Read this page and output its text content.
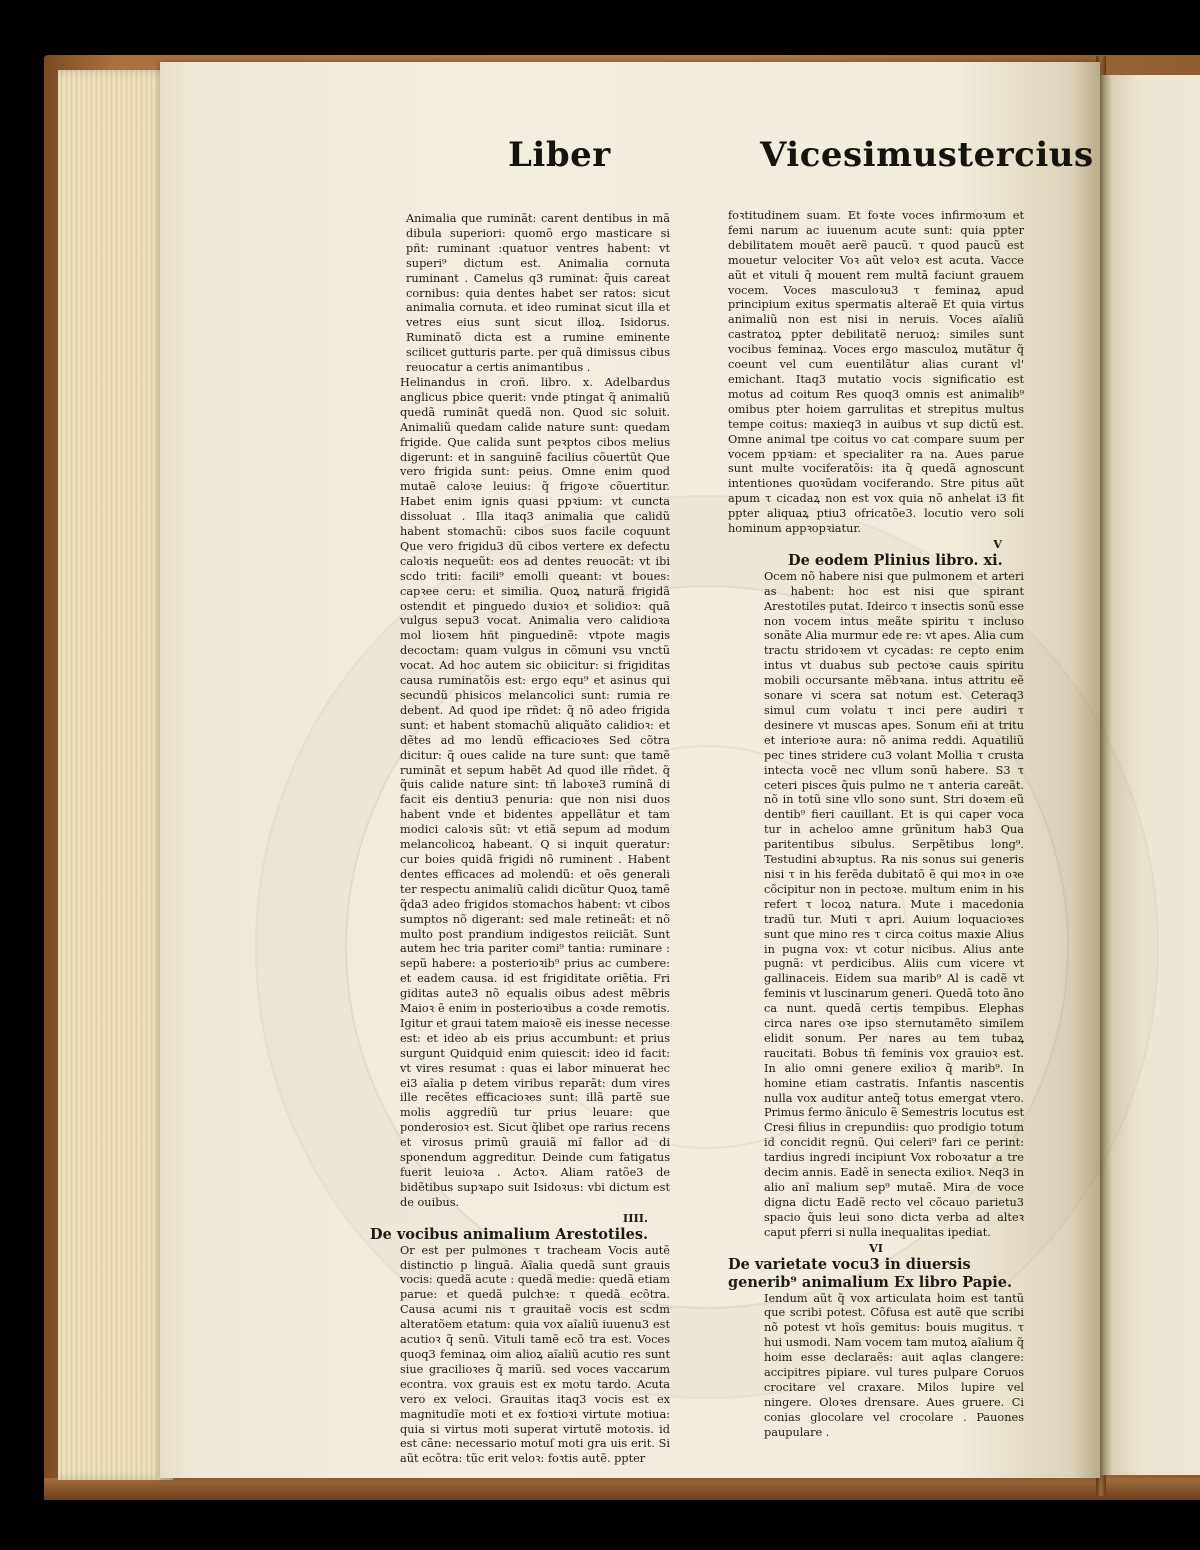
Liber	Vicesimustercius

Animalia que ruminãt: carent dentibus in mã dibula superiori: quomõ ergo masticare si pñt: ruminant :quatuor ventres habent: vt superi⁹ dictum est. Animalia cornuta ruminant . Camelus q3 ruminat: q̃uis careat cornibus: quia dentes habet ser ratos: sicut animalia cornuta. et ideo ruminat sicut illa et vetres eius sunt sicut illoꝝ. Isidorus. Ruminatõ dicta est a rumine eminente scilicet gutturis parte. per quã dimissus cibus reuocatur a certis animantibus .

Helinandus in croñ. libro. x. Adelbardus anglicus pbice querit: vnde ptingat q̃ animaliũ quedã ruminãt quedã non. Quod sic soluit. Animaliũ quedam calide nature sunt: quedam frigide. Que calida sunt peꝛptos cibos melius digerunt: et in sanguinẽ facilius cõuertũt Que vero frigida sunt: peius. Omne enim quod mutaẽ caloꝛe leuius: q̃ frigoꝛe cõuertitur. Habet enim ignis quasi ppꝛium: vt cuncta dissoluat . Illa itaq3 animalia que calidũ habent stomachũ: cibos suos facile coquunt Que vero frigidu3 dũ cibos vertere ex defectu caloꝛis nequeũt: eos ad dentes reuocãt: vt ibi scdo triti: facili⁹ emolli queant: vt boues: capꝛee ceru: et similia. Quoꝝ naturã frigidã ostendit et pinguedo duꝛioꝛ et solidioꝛ: quã vulgus sepu3 vocat. Animalia vero calidioꝛa mol lioꝛem hñt pinguedinẽ: vtpote magis decoctam: quam vulgus in cõmuni vsu vnctũ vocat. Ad hoc autem sic obiicitur: si frigiditas causa ruminatõis est: ergo equ⁹ et asinus qui secundũ phisicos melancolici sunt: rumia re debent. Ad quod ipe rñdet: q̃ nõ adeo frigida sunt: et habent stomachũ aliquãto calidioꝛ: et dẽtes ad mo lendũ efficacioꝛes Sed cõtra dicitur: q̃ oues calide na ture sunt: que tamẽ ruminãt et sepum habẽt Ad quod ille rñdet. q̃ q̃uis calide nature sint: tñ laboꝛe3 ruminã di facit eis dentiu3 penuria: que non nisi duos habent vnde et bidentes appellãtur et tam modici caloꝛis sũt: vt etiã sepum ad modum melancolicoꝝ habeant. Q si inquit queratur: cur boies quidã frigidi nõ ruminent . Habent dentes efficaces ad molendũ: et oẽs generali ter respectu animaliũ calidi dicũtur Quoꝝ tamẽ q̃da3 adeo frigidos stomachos habent: vt cibos sumptos nõ digerant: sed male retineãt: et nõ multo post prandium indigestos reiiciãt. Sunt autem hec tria pariter comi⁹ tantia: ruminare : sepũ habere: a posterioꝛib⁹ prius ac cumbere: et eadem causa. id est frigiditate oriẽtia. Fri giditas aute3 nõ equalis oibus adest mẽbris Maioꝛ ẽ enim in posterioꝛibus a coꝛde remotis. Igitur et graui tatem maioꝛẽ eis inesse necesse est: et ideo ab eis prius accumbunt: et prius surgunt Quidquid enim quiescit: ideo id facit: vt vires resumat : quas ei labor minuerat hec ei3 aĩalia p detem viribus reparãt: dum vires ille recẽtes efficacioꝛes sunt: illã partẽ sue molis aggrediũ tur prius leuare: que ponderosioꝛ est. Sicut q̃libet ope rarius recens et virosus primũ grauiã mĩ fallor ad di sponendum aggreditur. Deinde cum fatigatus fuerit leuioꝛa . Actoꝛ. Aliam ratõe3 de bidẽtibus supꝛapo suit Isidoꝛus: vbi dictum est de ouibus.

IIII.

De vocibus animalium Arestotiles.

Or est per pulmones τ tracheam Vocis autẽ distinctio p linguã. Aĩalia quedã sunt grauis vocis: quedã acute : quedã medie: quedã etiam parue: et quedã pulchꝛe: τ quedã ecõtra. Causa acumi nis τ grauitaẽ vocis est scdm alteratõem etatum: quia vox aĩaliũ iuuenu3 est acutioꝛ q̃ senũ. Vituli tamẽ ecõ tra est. Voces quoq3 feminaꝝ oim alioꝝ aĩaliũ acutio res sunt siue gracilioꝛes q̃ mariũ. sed voces vaccarum econtra. vox grauis est ex motu tardo. Acuta vero ex veloci. Grauitas itaq3 vocis est ex magnitudĩe moti et ex foꝛtioꝛi virtute motiua: quia si virtus moti superat virtutẽ motoꝛis. id est cãne: necessario motuſ moti gra uis erit. Si aũt ecõtra: tũc erit veloꝛ: foꝛtis autẽ. ppter

foꝛtitudinem suam. Et foꝛte voces infirmoꝛum et femi narum ac iuuenum acute sunt: quia ppter debilitatem mouẽt aerẽ paucũ. τ quod paucũ est mouetur velociter Voꝛ aũt veloꝛ est acuta. Vacce aũt et vituli q̃ mouent rem multã faciunt grauem vocem. Voces masculoꝛu3 τ feminaꝝ apud principium exitus spermatis alteraẽ Et quia virtus animaliũ non est nisi in neruis. Voces aĩaliũ castratoꝝ ppter debilitatẽ neruoꝝ: similes sunt vocibus feminaꝝ. Voces ergo masculoꝝ mutãtur q̃ coeunt vel cum euentilãtur alias curant vl' emichant. Itaq3 mutatio vocis significatio est motus ad coitum Res quoq3 omnis est animalib⁹ omibus pter hoiem garrulitas et strepitus multus tempe coitus: maxieq3 in auibus vt sup dictũ est. Omne animal tpe coitus vo cat compare suum per vocem ppꝛiam: et specialiter ra na. Aues parue sunt multe vociferatõis: ita q̃ quedã agnoscunt intentiones quoꝛũdam vociferando. Stre pitus aũt apum τ cicadaꝝ non est vox quia nõ anhelat i3 fit ppter aliquaꝝ ptiu3 ofricatõe3. locutio vero soli hominum appꝛopꝛiatur.

V

De eodem Plinius libro. xi.

Ocem nõ habere nisi que pulmonem et arteri as habent: hoc est nisi que spirant Arestotiles putat. Ideirco τ insectis sonũ esse non vocem intus meãte spiritu τ incluso sonãte Alia murmur ede re: vt apes. Alia cum tractu stridoꝛem vt cycadas: re cepto enim intus vt duabus sub pectoꝛe cauis spiritu mobili occursante mẽbꝛana. intus attritu eẽ sonare vi scera sat notum est. Ceteraq3 simul cum volatu τ inci pere audiri τ desinere vt muscas apes. Sonum eñi at tritu et interioꝛe aura: nõ anima reddi. Aquatiliũ pec tines stridere cu3 volant Mollia τ crusta intecta vocẽ nec vllum sonũ habere. S3 τ ceteri pisces q̃uis pulmo ne τ anteria careãt. nõ in totũ sine vllo sono sunt. Stri doꝛem eũ dentib⁹ fieri cauillant. Et is qui caper voca tur in acheloo amne grũnitum hab3 Qua paritentibus sibulus. Serpẽtibus long⁹. Testudini abꝛuptus. Ra nis sonus sui generis nisi τ in his ferẽda dubitatõ ẽ qui moꝛ in oꝛe cõcipitur non in pectoꝛe. multum enim in his refert τ locoꝝ natura. Mute i macedonia tradũ tur. Muti τ apri. Auium loquacioꝛes sunt que mino res τ circa coitus maxie Alius in pugna vox: vt cotur nicibus. Alius ante pugnã: vt perdicibus. Aliis cum vicere vt gallinaceis. Eidem sua marib⁹ Al is cadẽ vt feminis vt luscinarum generi. Quedã toto ãno ca nunt. quedã certis tempibus. Elephas circa nares oꝛe ipso sternutamẽto similem elidit sonum. Per nares au tem tubaꝝ raucitati. Bobus tñ feminis vox grauioꝛ est. In alio omni genere exilioꝛ q̃ marib⁹. In homine etiam castratis. Infantis nascentis nulla vox auditur anteq̃ totus emergat vtero. Primus fermo ãniculo ẽ Semestris locutus est Cresi filius in crepundiis: quo prodigio totum id concidit regnũ. Qui celeri⁹ fari ce perint: tardius ingredi incipiunt Vox roboꝛatur a tre decim annis. Eadẽ in senecta exilioꝛ. Neq3 in alio anĩ malium sep⁹ mutaẽ. Mira de voce digna dictu Eadẽ recto vel cõcauo parietu3 spacio q̃uis leui sono dicta verba ad alteꝛ caput pferri si nulla inequalitas ipediat.

VI

De varietate vocu3 in diuersis generib⁹ animalium Ex libro Papie.

Iendum aũt q̃ vox articulata hoim est tantũ que scribi potest. Cõfusa est autẽ que scribi nõ potest vt hoĩs gemitus: bouis mugitus. τ hui usmodi. Nam vocem tam mutoꝝ aĩalium q̃ hoim esse declaraẽs: auit aqlas clangere: accipitres pipiare. vul tures pulpare Coruos crocitare vel craxare. Milos lupire vel ningere. Oloꝛes drensare. Aues gruere. Ci conias glocolare vel crocolare . Pauones paupulare .
